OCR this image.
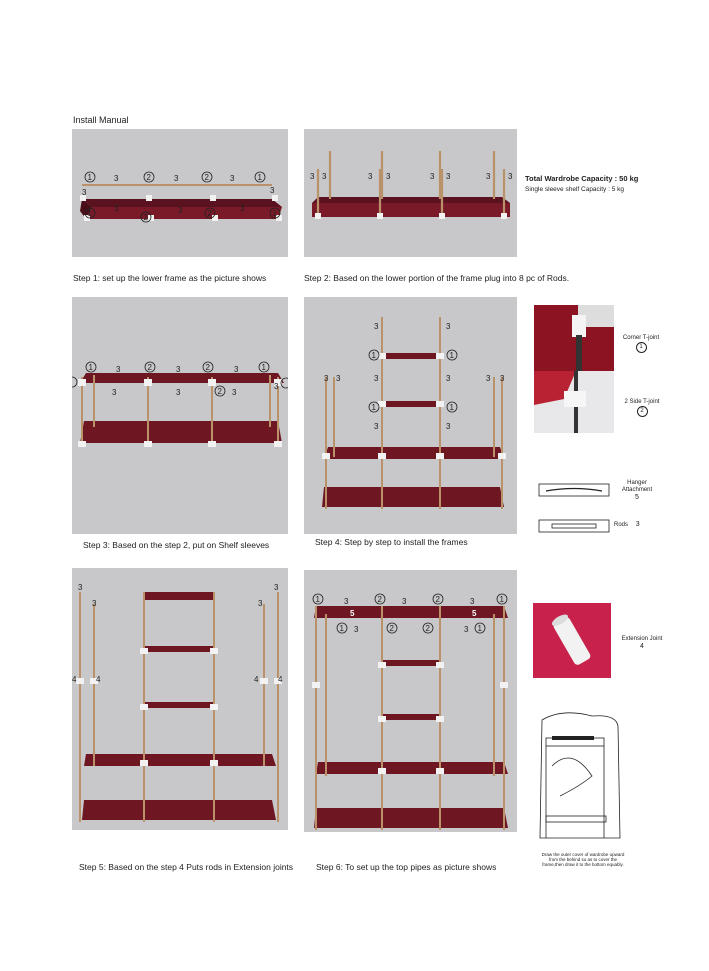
Install Manual
1	3	2	3	2	3	1
3	3
1
3
2
3	2
3
1
Step 1: set up the lower frame as the picture shows
3 3	3 3	3 3	3 3
Step 2: Based on the lower portion of the frame plug into 8 pc of Rods.
Total Wardrobe Capacity : 50 kg
Single sleeve shelf Capacity : 5 kg
1	3	2	3	2	3	1
3	3	2 3
3
Step 3: Based on the step 2, put on Shelf sleeves
3	3
1	1
3	3
3 3	3 3
1	1
3	3
Step 4: Step by step to install the frames
Corner T-joint
1
2 Side T-joint
2
Hanger Attachment
5
Rods 3
3
3	3
3
4 4	4 4
Step 5: Based on the step 4 Puts rods in Extension joints
1	3	2	3	2	3	1
5	5
1 3	2	2	3 1
Step 6: To set up the top pipes as picture shows
Extension Joint
4
Draw the outer cover of wardrobe upward from the behind so as to cover the frame,then draw it to the bottom equably.
